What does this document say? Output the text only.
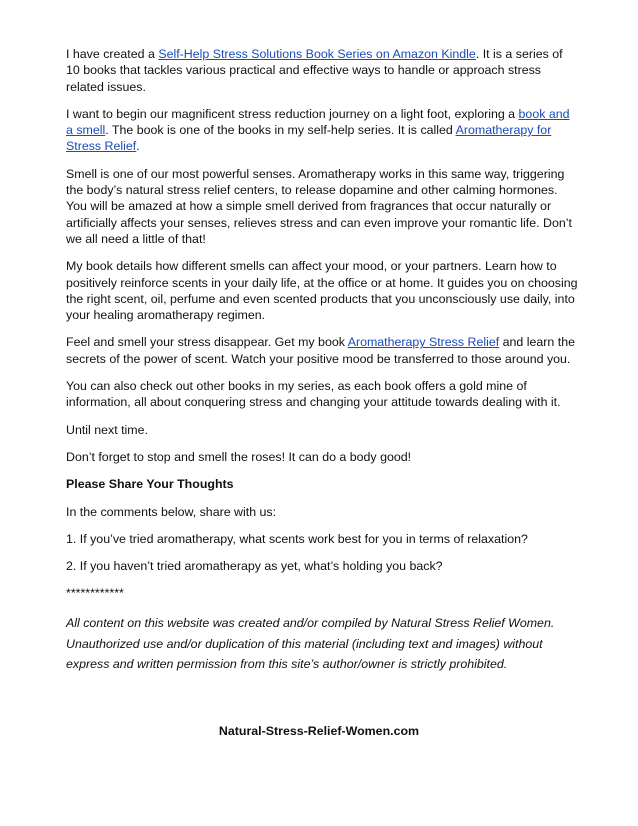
I have created a Self-Help Stress Solutions Book Series on Amazon Kindle. It is a series of 10 books that tackles various practical and effective ways to handle or approach stress related issues.

I want to begin our magnificent stress reduction journey on a light foot, exploring a book and a smell. The book is one of the books in my self-help series. It is called Aromatherapy for Stress Relief.

Smell is one of our most powerful senses. Aromatherapy works in this same way, triggering the body’s natural stress relief centers, to release dopamine and other calming hormones. You will be amazed at how a simple smell derived from fragrances that occur naturally or artificially affects your senses, relieves stress and can even improve your romantic life. Don’t we all need a little of that!

My book details how different smells can affect your mood, or your partners. Learn how to positively reinforce scents in your daily life, at the office or at home. It guides you on choosing the right scent, oil, perfume and even scented products that you unconsciously use daily, into your healing aromatherapy regimen.

Feel and smell your stress disappear. Get my book Aromatherapy Stress Relief and learn the secrets of the power of scent. Watch your positive mood be transferred to those around you.

You can also check out other books in my series, as each book offers a gold mine of information, all about conquering stress and changing your attitude towards dealing with it.

Until next time.

Don’t forget to stop and smell the roses! It can do a body good!

Please Share Your Thoughts

In the comments below, share with us:

1. If you’ve tried aromatherapy, what scents work best for you in terms of relaxation?

2. If you haven’t tried aromatherapy as yet, what’s holding you back?

************

All content on this website was created and/or compiled by Natural Stress Relief Women. Unauthorized use and/or duplication of this material (including text and images) without express and written permission from this site’s author/owner is strictly prohibited.

Natural-Stress-Relief-Women.com
